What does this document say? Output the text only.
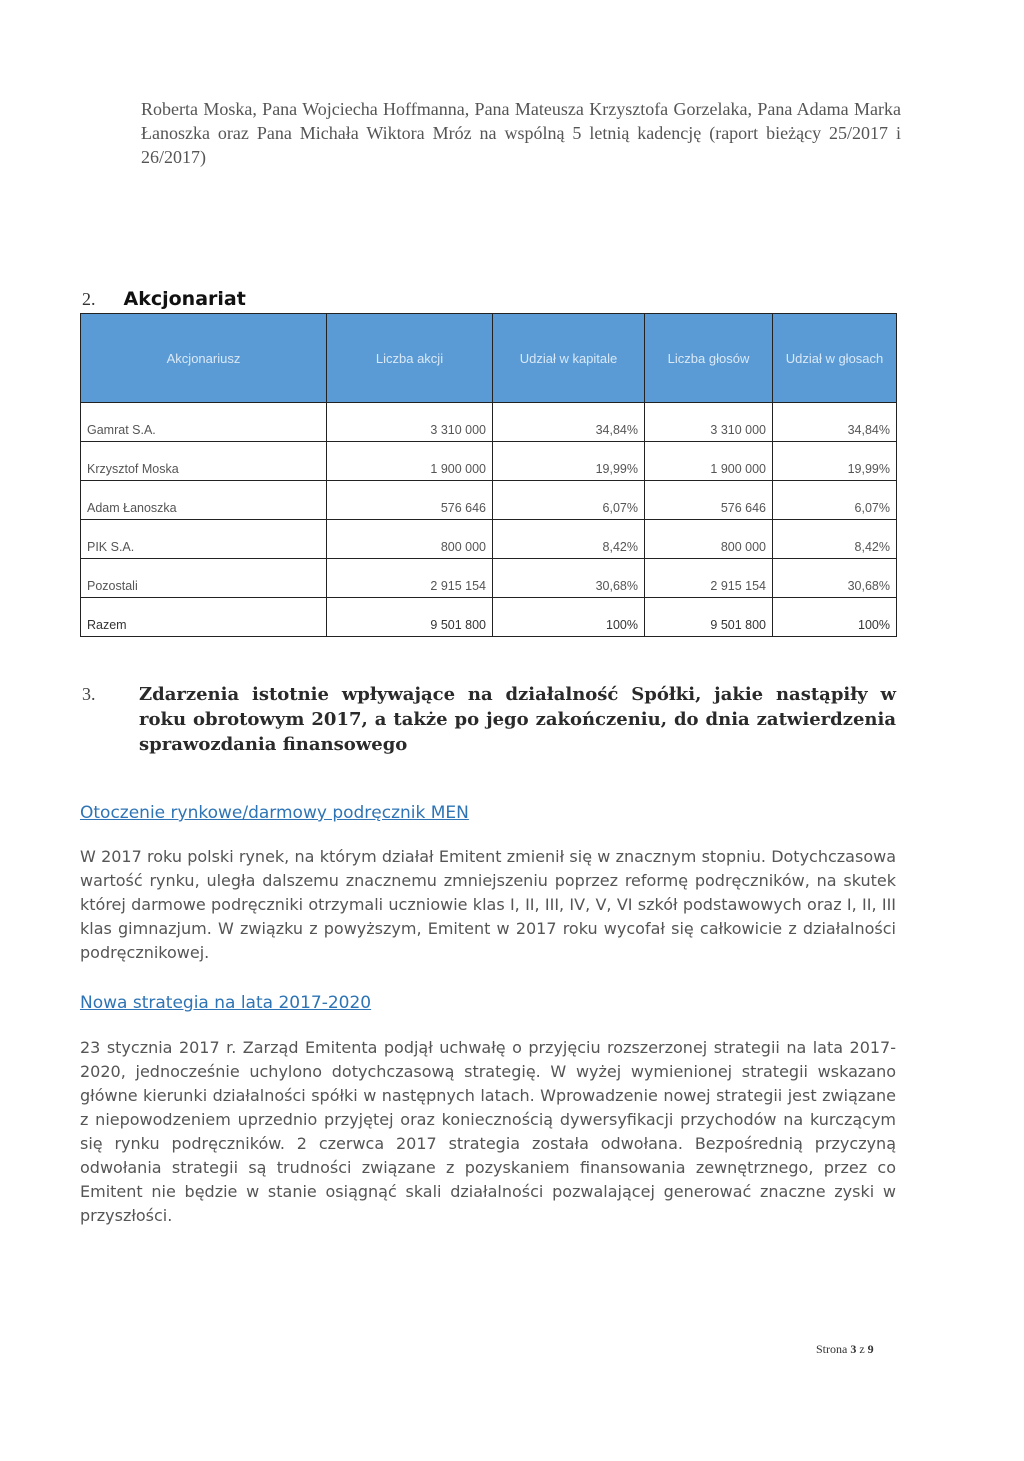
Roberta Moska, Pana Wojciecha Hoffmanna, Pana Mateusza Krzysztofa Gorzelaka, Pana Adama Marka Łanoszka oraz Pana Michała Wiktora Mróz na wspólną 5 letnią kadencję (raport bieżący 25/2017 i 26/2017)
2. Akcjonariat
Akcjonariusz	Liczba akcji	Udział w kapitale	Liczba głosów	Udział w głosach
Gamrat S.A.	3 310 000	34,84%	3 310 000	34,84%
Krzysztof Moska	1 900 000	19,99%	1 900 000	19,99%
Adam Łanoszka	576 646	6,07%	576 646	6,07%
PIK S.A.	800 000	8,42%	800 000	8,42%
Pozostali	2 915 154	30,68%	2 915 154	30,68%
Razem	9 501 800	100%	9 501 800	100%
3. Zdarzenia istotnie wpływające na działalność Spółki, jakie nastąpiły w roku obrotowym 2017, a także po jego zakończeniu, do dnia zatwierdzenia sprawozdania finansowego
Otoczenie rynkowe/darmowy podręcznik MEN
W 2017 roku polski rynek, na którym działał Emitent zmienił się w znacznym stopniu. Dotychczasowa wartość rynku, uległa dalszemu znacznemu zmniejszeniu poprzez reformę podręczników, na skutek której darmowe podręczniki otrzymali uczniowie klas I, II, III, IV, V, VI szkół podstawowych oraz I, II, III klas gimnazjum. W związku z powyższym, Emitent w 2017 roku wycofał się całkowicie z działalności podręcznikowej.
Nowa strategia na lata 2017-2020
23 stycznia 2017 r. Zarząd Emitenta podjął uchwałę o przyjęciu rozszerzonej strategii na lata 2017-2020, jednocześnie uchylono dotychczasową strategię. W wyżej wymienionej strategii wskazano główne kierunki działalności spółki w następnych latach. Wprowadzenie nowej strategii jest związane z niepowodzeniem uprzednio przyjętej oraz koniecznością dywersyfikacji przychodów na kurczącym się rynku podręczników. 2 czerwca 2017 strategia została odwołana. Bezpośrednią przyczyną odwołania strategii są trudności związane z pozyskaniem finansowania zewnętrznego, przez co Emitent nie będzie w stanie osiągnąć skali działalności pozwalającej generować znaczne zyski w przyszłości.
Strona 3 z 9
